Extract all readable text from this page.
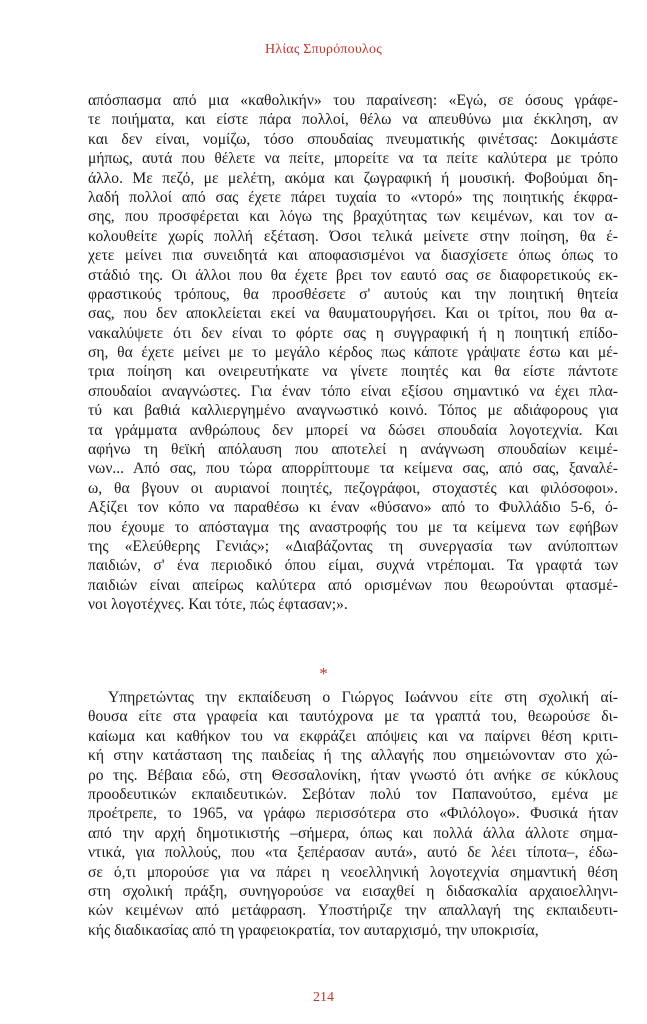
Ηλίας Σπυρόπουλος
απόσπασμα από μια «καθολικήν» του παραίνεση: «Εγώ, σε όσους γράφε-
τε ποιήματα, και είστε πάρα πολλοί, θέλω να απευθύνω μια έκκληση, αν
και δεν είναι, νομίζω, τόσο σπουδαίας πνευματικής φινέτσας: Δοκιμάστε
μήπως, αυτά που θέλετε να πείτε, μπορείτε να τα πείτε καλύτερα με τρόπο
άλλο. Με πεζό, με μελέτη, ακόμα και ζωγραφική ή μουσική. Φοβούμαι δη-
λαδή πολλοί από σας έχετε πάρει τυχαία το «ντορό» της ποιητικής έκφρα-
σης, που προσφέρεται και λόγω της βραχύτητας των κειμένων, και τον α-
κολουθείτε χωρίς πολλή εξέταση. Όσοι τελικά μείνετε στην ποίηση, θα έ-
χετε μείνει πια συνειδητά και αποφασισμένοι να διασχίσετε όπως όπως το
στάδιό της. Οι άλλοι που θα έχετε βρει τον εαυτό σας σε διαφορετικούς εκ-
φραστικούς τρόπους, θα προσθέσετε σ' αυτούς και την ποιητική θητεία
σας, που δεν αποκλείεται εκεί να θαυματουργήσει. Και οι τρίτοι, που θα α-
νακαλύψετε ότι δεν είναι το φόρτε σας η συγγραφική ή η ποιητική επίδο-
ση, θα έχετε μείνει με το μεγάλο κέρδος πως κάποτε γράψατε έστω και μέ-
τρια ποίηση και ονειρευτήκατε να γίνετε ποιητές και θα είστε πάντοτε
σπουδαίοι αναγνώστες. Για έναν τόπο είναι εξίσου σημαντικό να έχει πλα-
τύ και βαθιά καλλιεργημένο αναγνωστικό κοινό. Τόπος με αδιάφορους για
τα γράμματα ανθρώπους δεν μπορεί να δώσει σπουδαία λογοτεχνία. Και
αφήνω τη θεϊκή απόλαυση που αποτελεί η ανάγνωση σπουδαίων κειμέ-
νων... Από σας, που τώρα απορρίπτουμε τα κείμενα σας, από σας, ξαναλέ-
ω, θα βγουν οι αυριανοί ποιητές, πεζογράφοι, στοχαστές και φιλόσοφοι».
Αξίζει τον κόπο να παραθέσω κι έναν «θύσανο» από το Φυλλάδιο 5-6, ό-
που έχουμε το απόσταγμα της αναστροφής του με τα κείμενα των εφήβων
της «Ελεύθερης Γενιάς»; «Διαβάζοντας τη συνεργασία των ανύποπτων
παιδιών, σ' ένα περιοδικό όπου είμαι, συχνά ντρέπομαι. Τα γραφτά των
παιδιών είναι απείρως καλύτερα από ορισμένων που θεωρούνται φτασμέ-
νοι λογοτέχνες. Και τότε, πώς έφτασαν;».
*
Υπηρετώντας την εκπαίδευση ο Γιώργος Ιωάννου είτε στη σχολική αί-
θουσα είτε στα γραφεία και ταυτόχρονα με τα γραπτά του, θεωρούσε δι-
καίωμα και καθήκον του να εκφράζει απόψεις και να παίρνει θέση κριτι-
κή στην κατάσταση της παιδείας ή της αλλαγής που σημειώνονταν στο χώ-
ρο της. Βέβαια εδώ, στη Θεσσαλονίκη, ήταν γνωστό ότι ανήκε σε κύκλους
προοδευτικών εκπαιδευτικών. Σεβόταν πολύ τον Παπανούτσο, εμένα με
προέτρεπε, το 1965, να γράφω περισσότερα στο «Φιλόλογο». Φυσικά ήταν
από την αρχή δημοτικιστής –σήμερα, όπως και πολλά άλλα άλλοτε σημα-
ντικά, για πολλούς, που «τα ξεπέρασαν αυτά», αυτό δε λέει τίποτα–, έδω-
σε ό,τι μπορούσε για να πάρει η νεοελληνική λογοτεχνία σημαντική θέση
στη σχολική πράξη, συνηγορούσε να εισαχθεί η διδασκαλία αρχαιοελληνι-
κών κειμένων από μετάφραση. Υποστήριζε την απαλλαγή της εκπαιδευτι-
κής διαδικασίας από τη γραφειοκρατία, τον αυταρχισμό, την υποκρισία,
214
